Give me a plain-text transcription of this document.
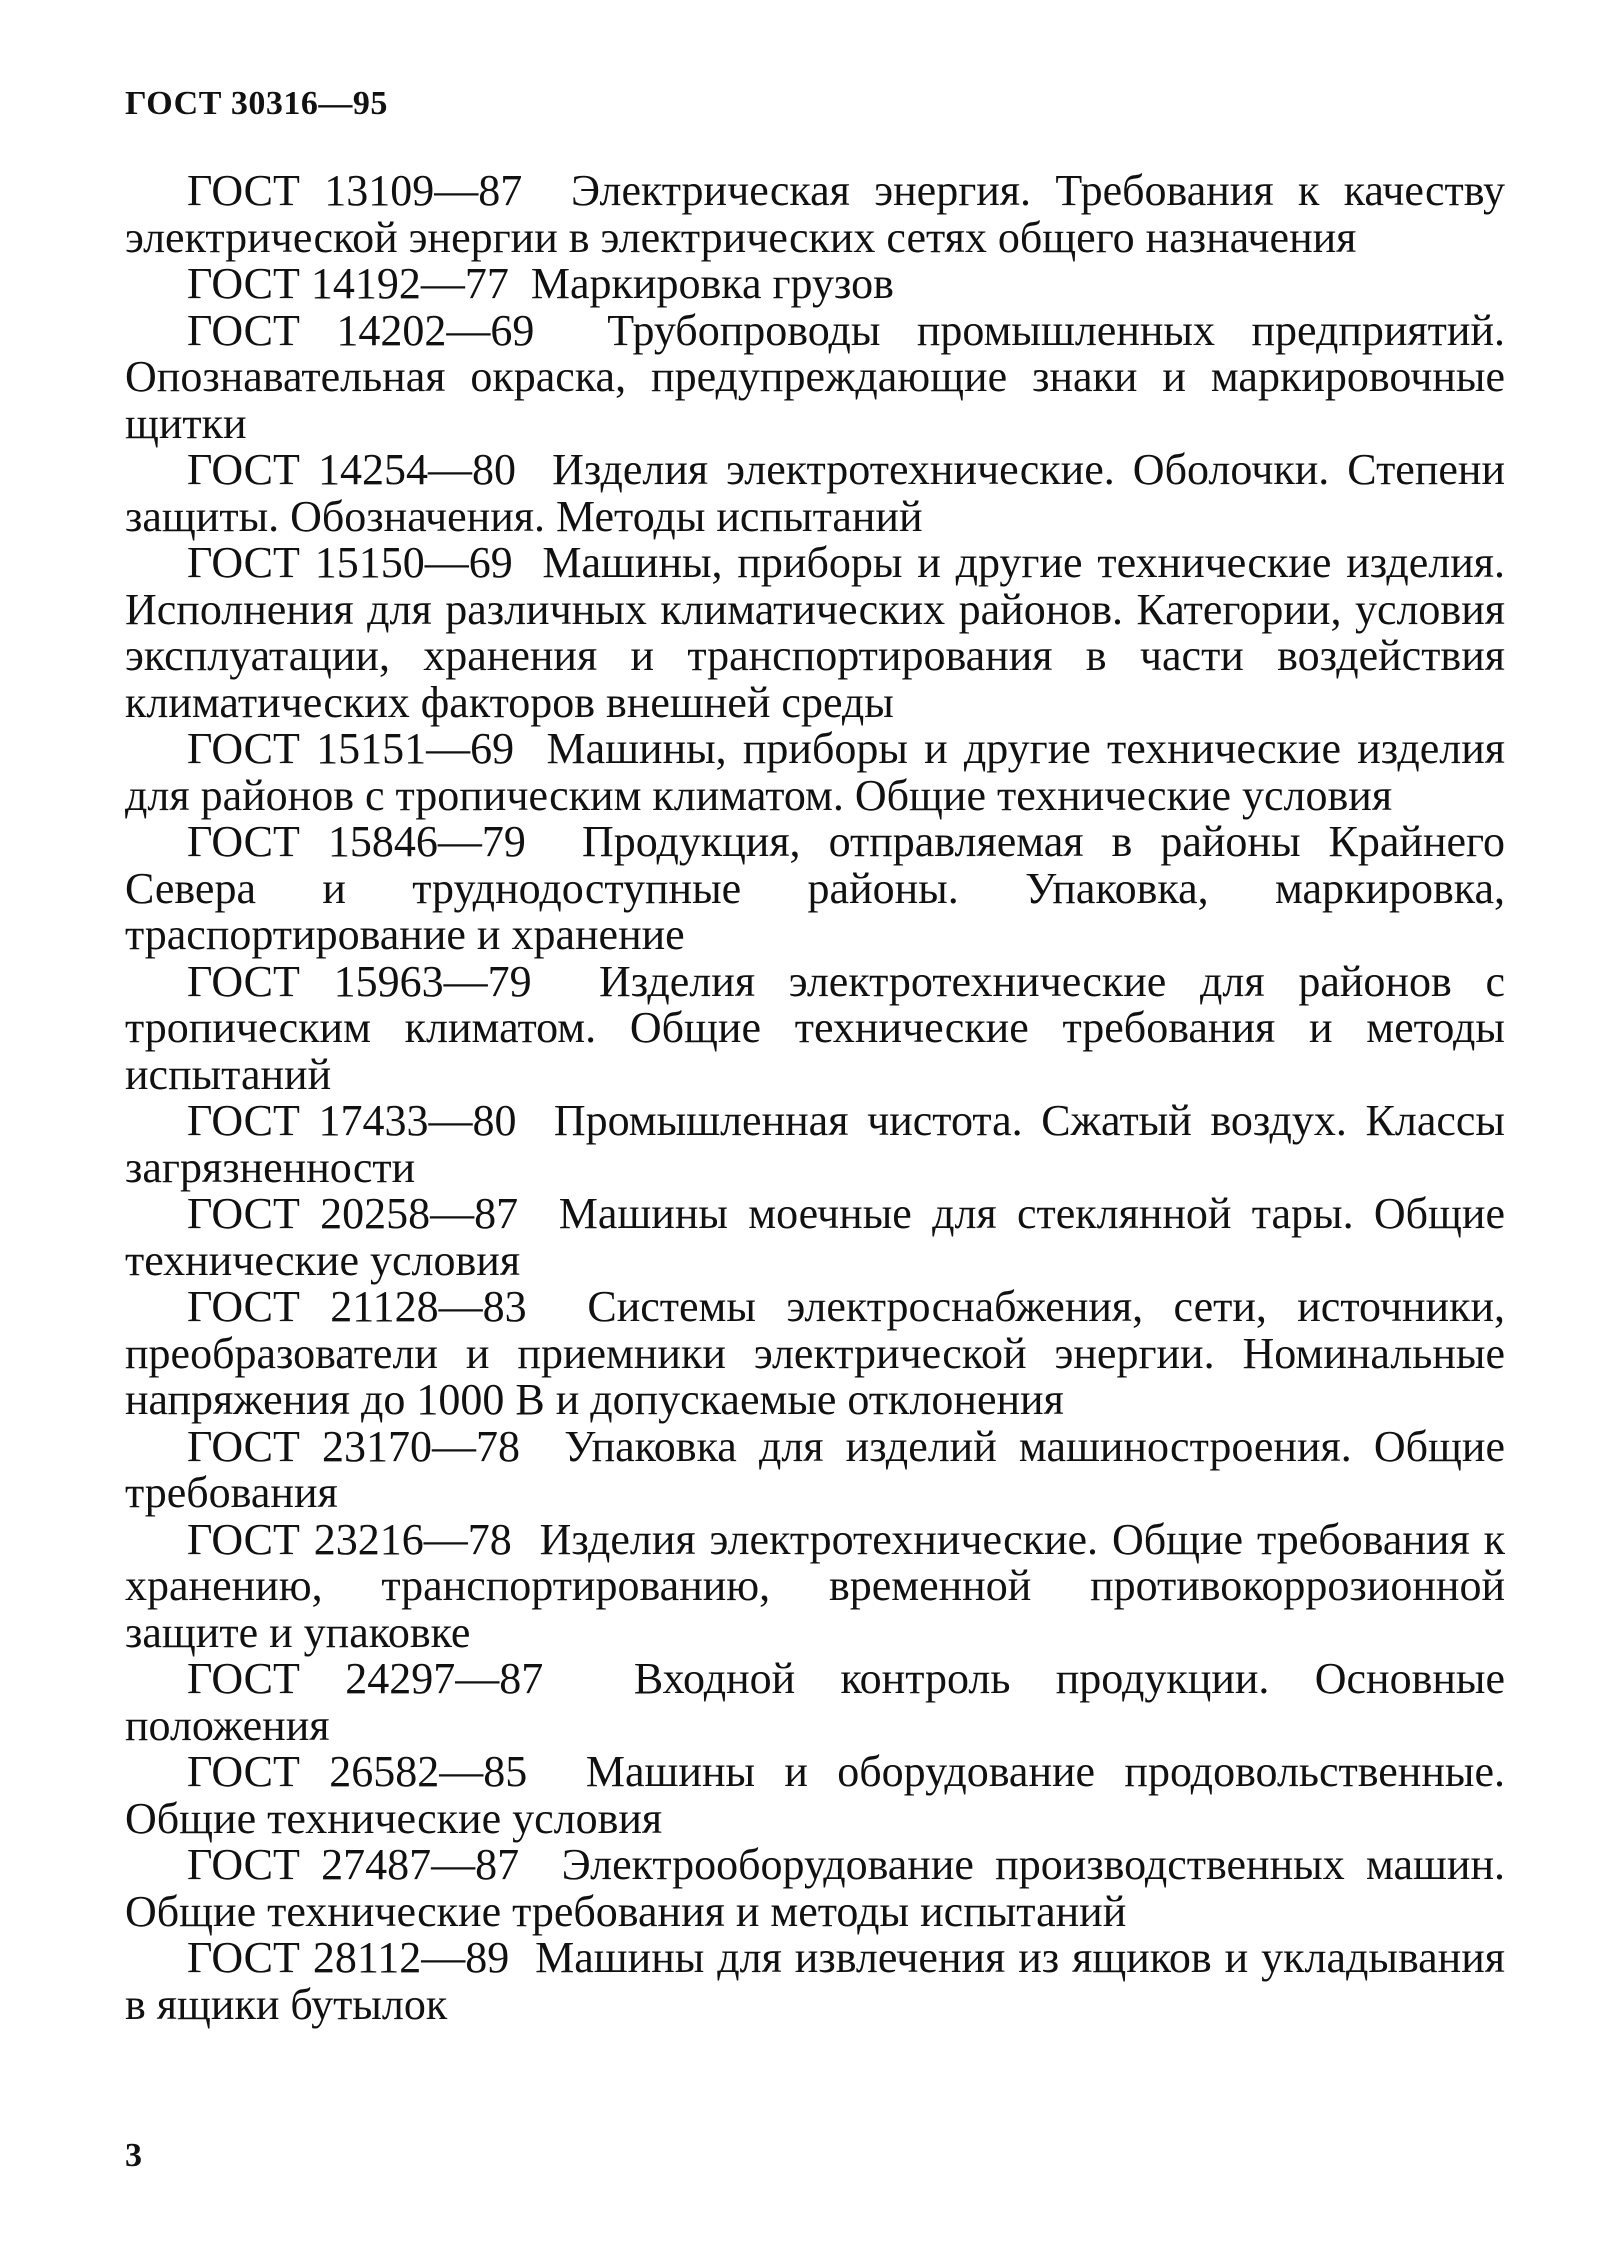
ГОСТ 30316—95
ГОСТ 13109—87 Электрическая энергия. Требования к качеству электрической энергии в электрических сетях общего назначения
ГОСТ 14192—77 Маркировка грузов
ГОСТ 14202—69 Трубопроводы промышленных предприятий. Опознавательная окраска, предупреждающие знаки и маркировочные щитки
ГОСТ 14254—80 Изделия электротехнические. Оболочки. Степени защиты. Обозначения. Методы испытаний
ГОСТ 15150—69 Машины, приборы и другие технические изделия. Исполнения для различных климатических районов. Категории, условия эксплуатации, хранения и транспортирования в части воздействия климатических факторов внешней среды
ГОСТ 15151—69 Машины, приборы и другие технические изделия для районов с тропическим климатом. Общие технические условия
ГОСТ 15846—79 Продукция, отправляемая в районы Крайнего Севера и труднодоступные районы. Упаковка, маркировка, траспортирование и хранение
ГОСТ 15963—79 Изделия электротехнические для районов с тропическим климатом. Общие технические требования и методы испытаний
ГОСТ 17433—80 Промышленная чистота. Сжатый воздух. Классы загрязненности
ГОСТ 20258—87 Машины моечные для стеклянной тары. Общие технические условия
ГОСТ 21128—83 Системы электроснабжения, сети, источники, преобразователи и приемники электрической энергии. Номинальные напряжения до 1000 В и допускаемые отклонения
ГОСТ 23170—78 Упаковка для изделий машиностроения. Общие требования
ГОСТ 23216—78 Изделия электротехнические. Общие требования к хранению, транспортированию, временной противокоррозионной защите и упаковке
ГОСТ 24297—87 Входной контроль продукции. Основные положения
ГОСТ 26582—85 Машины и оборудование продовольственные. Общие технические условия
ГОСТ 27487—87 Электрооборудование производственных машин. Общие технические требования и методы испытаний
ГОСТ 28112—89 Машины для извлечения из ящиков и укладывания в ящики бутылок
3
